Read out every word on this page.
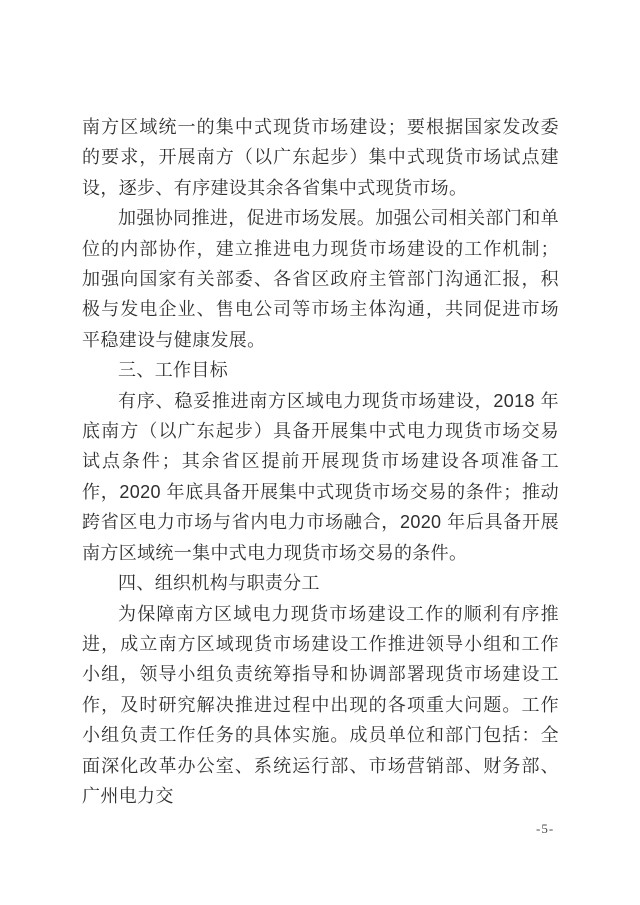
南方区域统一的集中式现货市场建设；要根据国家发改委的要求，开展南方（以广东起步）集中式现货市场试点建设，逐步、有序建设其余各省集中式现货市场。

加强协同推进，促进市场发展。加强公司相关部门和单位的内部协作，建立推进电力现货市场建设的工作机制；加强向国家有关部委、各省区政府主管部门沟通汇报，积极与发电企业、售电公司等市场主体沟通，共同促进市场平稳建设与健康发展。

三、工作目标

有序、稳妥推进南方区域电力现货市场建设，2018 年底南方（以广东起步）具备开展集中式电力现货市场交易试点条件；其余省区提前开展现货市场建设各项准备工作，2020 年底具备开展集中式现货市场交易的条件；推动跨省区电力市场与省内电力市场融合，2020 年后具备开展南方区域统一集中式电力现货市场交易的条件。

四、组织机构与职责分工

为保障南方区域电力现货市场建设工作的顺利有序推进，成立南方区域现货市场建设工作推进领导小组和工作小组，领导小组负责统筹指导和协调部署现货市场建设工作，及时研究解决推进过程中出现的各项重大问题。工作小组负责工作任务的具体实施。成员单位和部门包括：全面深化改革办公室、系统运行部、市场营销部、财务部、广州电力交

-5-
